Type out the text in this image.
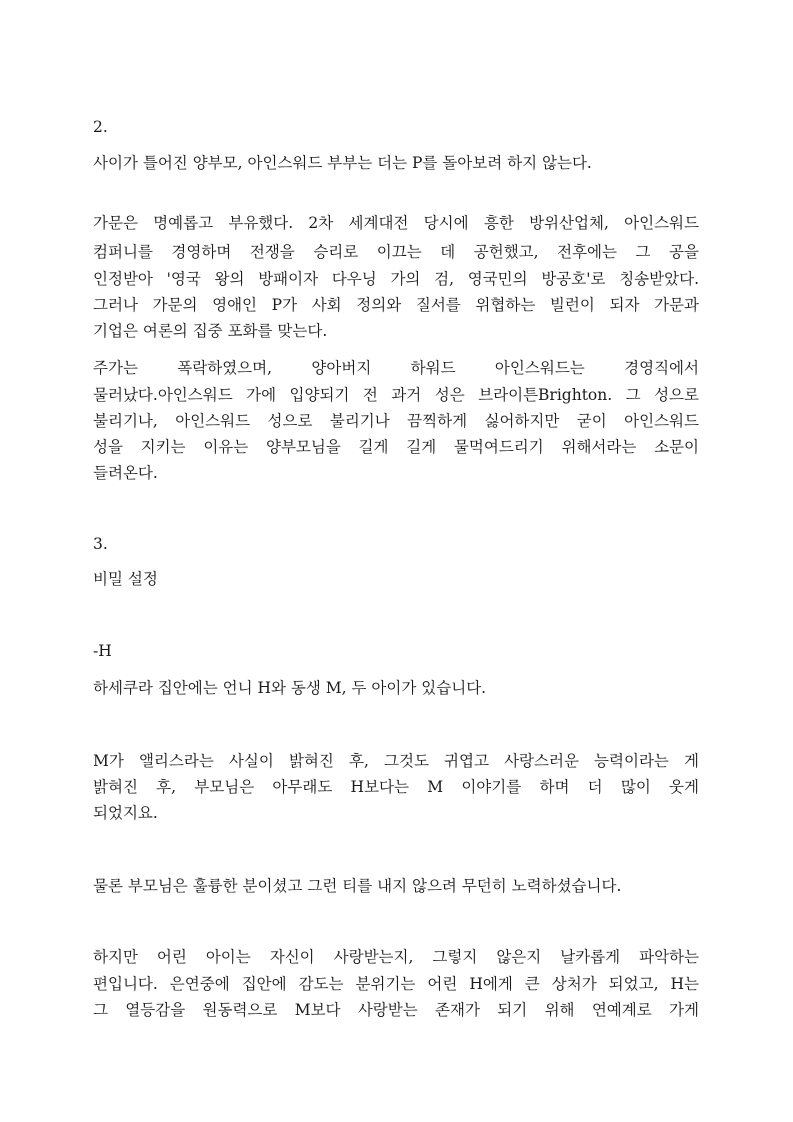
2.
사이가 틀어진 양부모, 아인스워드 부부는 더는 P를 돌아보려 하지 않는다.
가문은 명예롭고 부유했다. 2차 세계대전 당시에 흥한 방위산업체, 아인스워드
컴퍼니를 경영하며 전쟁을 승리로 이끄는 데 공헌했고, 전후에는 그 공을
인정받아 '영국 왕의 방패이자 다우닝 가의 검, 영국민의 방공호'로 칭송받았다.
그러나 가문의 영애인 P가 사회 정의와 질서를 위협하는 빌런이 되자 가문과
기업은 여론의 집중 포화를 맞는다.
주가는 폭락하였으며, 양아버지 하워드 아인스워드는 경영직에서
물러났다.아인스워드 가에 입양되기 전 과거 성은 브라이튼Brighton. 그 성으로
불리기나, 아인스워드 성으로 불리기나 끔찍하게 싫어하지만 굳이 아인스워드
성을 지키는 이유는 양부모님을 길게 길게 물먹여드리기 위해서라는 소문이
들려온다.
3.
비밀 설정
-H
하세쿠라 집안에는 언니 H와 동생 M, 두 아이가 있습니다.
M가 앨리스라는 사실이 밝혀진 후, 그것도 귀엽고 사랑스러운 능력이라는 게
밝혀진 후, 부모님은 아무래도 H보다는 M 이야기를 하며 더 많이 웃게
되었지요.
물론 부모님은 훌륭한 분이셨고 그런 티를 내지 않으려 무던히 노력하셨습니다.
하지만 어린 아이는 자신이 사랑받는지, 그렇지 않은지 날카롭게 파악하는
편입니다. 은연중에 집안에 감도는 분위기는 어린 H에게 큰 상처가 되었고, H는
그 열등감을 원동력으로 M보다 사랑받는 존재가 되기 위해 연예계로 가게
